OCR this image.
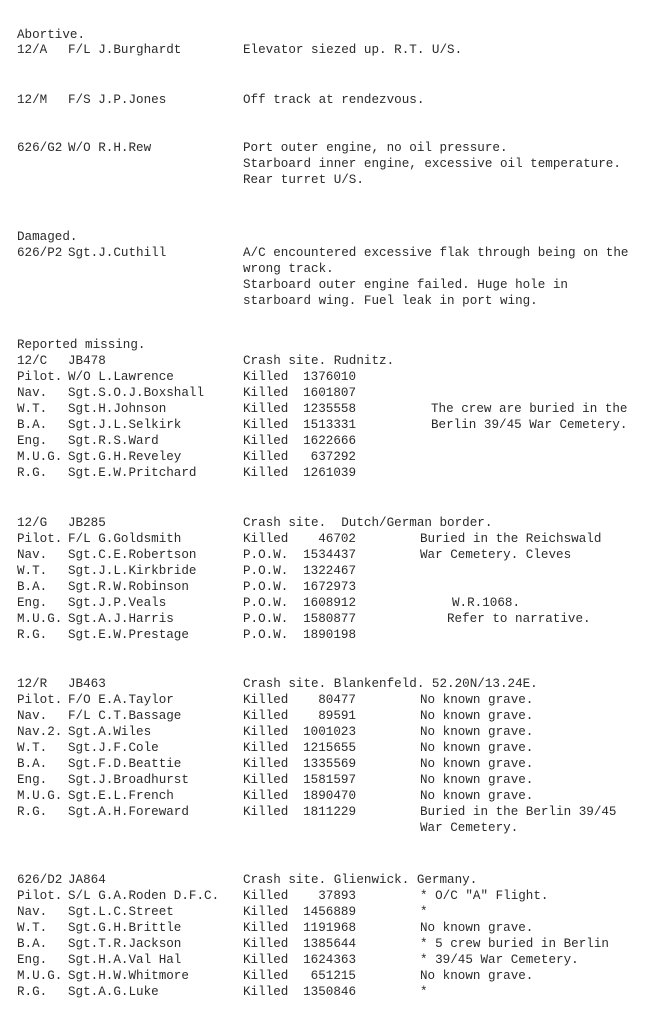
Abortive.
12/A F/L J.Burghardt	Elevator siezed up. R.T. U/S.
12/M F/S J.P.Jones	Off track at rendezvous.
626/G2 W/O R.H.Rew	Port outer engine, no oil pressure.
Starboard inner engine, excessive oil temperature.
Rear turret U/S.
Damaged.
626/P2 Sgt.J.Cuthill	A/C encountered excessive flak through being on the
wrong track.
Starboard outer engine failed. Huge hole in
starboard wing. Fuel leak in port wing.
Reported missing.
12/C JB478	Crash site. Rudnitz.
Pilot. W/O L.Lawrence	Killed 1376010
Nav. Sgt.S.O.J.Boxshall	Killed 1601807
W.T. Sgt.H.Johnson	Killed 1235558	The crew are buried in the
B.A. Sgt.J.L.Selkirk	Killed 1513331	Berlin 39/45 War Cemetery.
Eng. Sgt.R.S.Ward	Killed 1622666
M.U.G. Sgt.G.H.Reveley	Killed 637292
R.G. Sgt.E.W.Pritchard	Killed 1261039
12/G JB285	Crash site.  Dutch/German border.
Pilot. F/L G.Goldsmith	Killed 46702	Buried in the Reichswald
Nav. Sgt.C.E.Robertson	P.O.W. 1534437	War Cemetery. Cleves
W.T. Sgt.J.L.Kirkbride	P.O.W. 1322467
B.A. Sgt.R.W.Robinson	P.O.W. 1672973
Eng. Sgt.J.P.Veals	P.O.W. 1608912	W.R.1068.
M.U.G. Sgt.A.J.Harris	P.O.W. 1580877	Refer to narrative.
R.G. Sgt.E.W.Prestage	P.O.W. 1890198
12/R JB463	Crash site. Blankenfeld. 52.20N/13.24E.
Pilot. F/O E.A.Taylor	Killed 80477	No known grave.
Nav. F/L C.T.Bassage	Killed 89591	No known grave.
Nav.2. Sgt.A.Wiles	Killed 1001023	No known grave.
W.T. Sgt.J.F.Cole	Killed 1215655	No known grave.
B.A. Sgt.F.D.Beattie	Killed 1335569	No known grave.
Eng. Sgt.J.Broadhurst	Killed 1581597	No known grave.
M.U.G. Sgt.E.L.French	Killed 1890470	No known grave.
R.G. Sgt.A.H.Foreward	Killed 1811229	Buried in the Berlin 39/45
War Cemetery.
626/D2 JA864	Crash site. Glienwick. Germany.
Pilot. S/L G.A.Roden D.F.C. Killed 37893	* O/C "A" Flight.
Nav. Sgt.L.C.Street	Killed 1456889	*
W.T. Sgt.G.H.Brittle	Killed 1191968	No known grave.
B.A. Sgt.T.R.Jackson	Killed 1385644	* 5 crew buried in Berlin
Eng. Sgt.H.A.Val Hal	Killed 1624363	* 39/45 War Cemetery.
M.U.G. Sgt.H.W.Whitmore	Killed 651215	No known grave.
R.G. Sgt.A.G.Luke	Killed 1350846	*
